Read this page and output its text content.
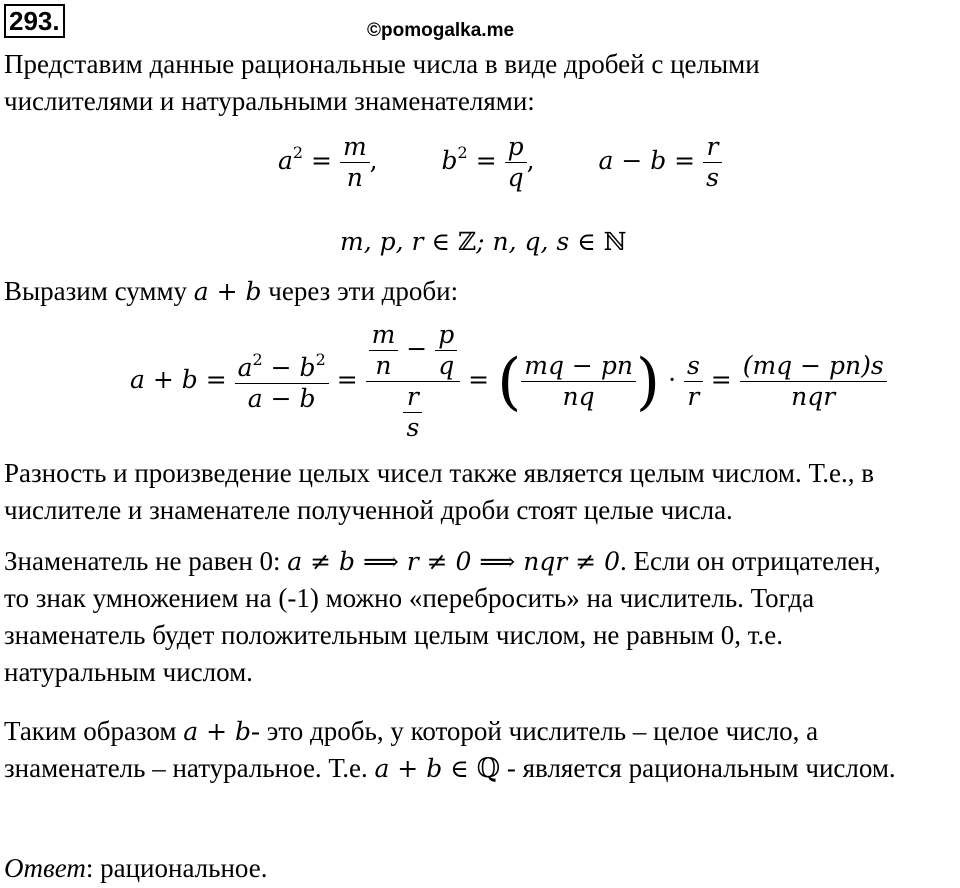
293.	©pomogalka.me
Представим данные рациональные числа в виде дробей с целыми
числителями и натуральными знаменателями:
$a^2 = \frac{m}{n}$ ,	$b^2 = \frac{p}{q}$ ,	$a - b = \frac{r}{s}$
m, p, r ∈ ℤ; n, q, s ∈ ℕ
Выразим сумму a + b через эти дроби:
$a + b = \frac{a^2 - b^2}{a - b} = \frac{\frac{m}{n} - \frac{p}{q}}{\frac{r}{s}}$ = ( $\frac{mq - pn}{nq}$ ) · $\frac{s}{r} = \frac{(mq - pn)s}{\text{nqr}}$
Разность и произведение целых чисел также является целым числом. Т.е., в
числителе и знаменателе полученной дроби стоят целые числа.
Знаменатель не равен 0: a ≠ b ⟹ r ≠ 0 ⟹ nqr ≠ 0. Если он отрицателен,
то знак умножением на (-1) можно «перебросить» на числитель. Тогда
знаменатель будет положительным целым числом, не равным 0, т.е.
натуральным числом.
Таким образом a + b- это дробь, у которой числитель – целое число, а
знаменатель – натуральное. Т.е. a + b ∈ ℚ - является рациональным числом.
Ответ: рациональное.
